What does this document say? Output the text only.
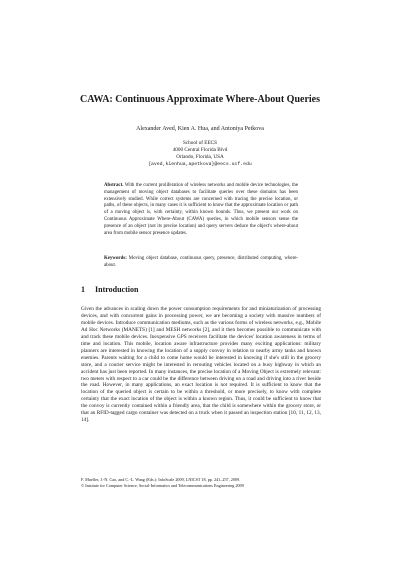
CAWA: Continuous Approximate Where-About Queries
Alexander Aved, Kien A. Hua, and Antoniya Petkova
School of EECS
4000 Central Florida Blvd
Orlando, Florida, USA
{aved,kienhua,apetkova}@eecs.ucf.edu
Abstract. With the current proliferation of wireless networks and mobile device technologies, the management of moving object databases to facilitate queries over these domains has been extensively studied. While correct systems are concerned with tracing the precise location, or paths, of these objects, in many cases it is sufficient to know that the approximate location or path of a moving object is, with certainty, within known bounds. Thus, we present our work on Continuous Approximate Where-About (CAWA) queries, in which mobile sensors sense the presence of an object (not its precise location) and query servers deduce the object's where-about area from mobile sensor presence updates.
Keywords: Moving object database, continuous query, presence, distributed computing, where-about.
1 Introduction
Given the advances in scaling down the power consumption requirements for and miniaturization of processing devices, and with concurrent gains in processing power, we are becoming a society with massive numbers of mobile devices. Introduce communication mediums, such as the various forms of wireless networks, e.g., Mobile Ad Hoc Networks (MANETS) [1] and MESH networks [2], and it then becomes possible to communicate with and track these mobile devices. Inexpensive GPS receivers facilitate the devices' location awareness in terms of time and location. This mobile, location aware infrastructure provides many exciting applications: military planners are interested in knowing the location of a supply convoy in relation to nearby army tanks and known enemies. Parents waiting for a child to come home would be interested in knowing if she's still in the grocery store, and a courier service might be interested in rerouting vehicles located on a busy highway in which an accident has just been reported. In many instances, the precise location of a Moving Object is extremely relevant: two meters with respect to a car could be the difference between driving on a road and driving into a river beside the road. However, in many applications, an exact location is not required. It is sufficient to know that the location of the queried object is certain to be within a threshold, or more precisely, to know with complete certainty that the exact location of the object is within a known region. Thus, it could be sufficient to know that the convoy is currently contained within a friendly area, that the child is somewhere within the grocery store, or that an RFID-tagged cargo container was detected on a truck when it passed an inspection station [10, 11, 12, 13, 14].
F. Mueller, J.-N. Cao, and C.-L. Wang (Eds.): InfoScale 2009, LNICST 18, pp. 241–257, 2009.
© Institute for Computer Science, Social-Informatics and Telecommunications Engineering 2009
